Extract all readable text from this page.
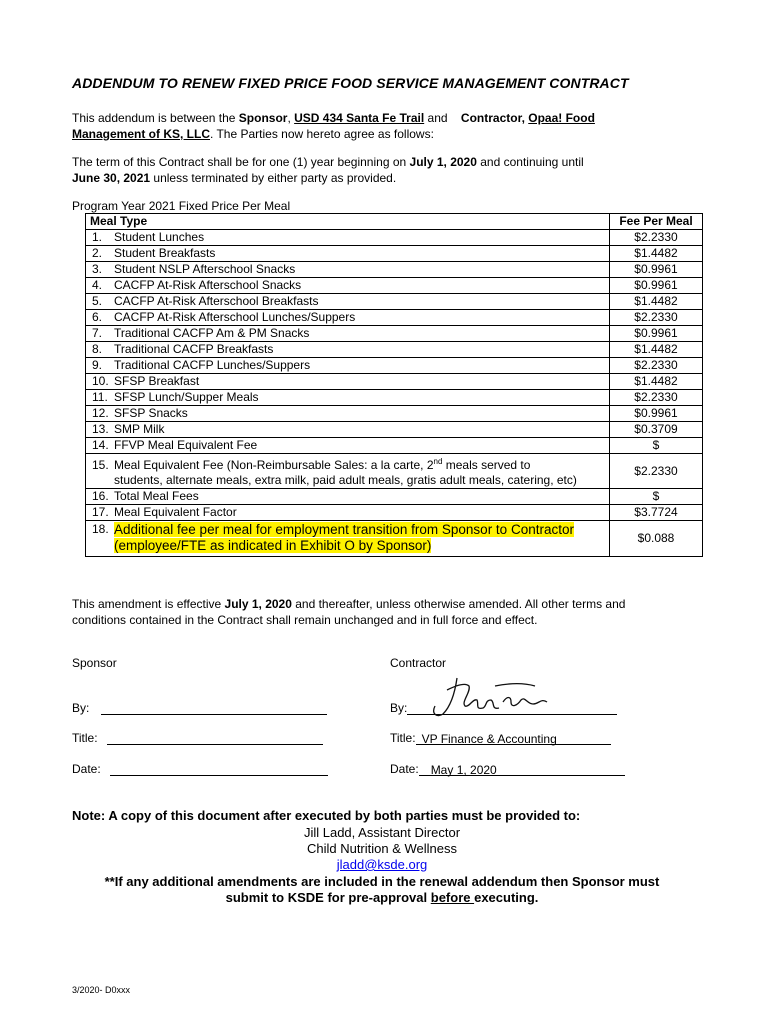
ADDENDUM TO RENEW FIXED PRICE FOOD SERVICE MANAGEMENT CONTRACT
This addendum is between the Sponsor, USD 434 Santa Fe Trail and    Contractor, Opaa! Food
Management of KS, LLC. The Parties now hereto agree as follows:
The term of this Contract shall be for one (1) year beginning on July 1, 2020 and continuing until
June 30, 2021 unless terminated by either party as provided.
Program Year 2021 Fixed Price Per Meal
Meal Type	Fee Per Meal
1. Student Lunches	$2.2330
2. Student Breakfasts	$1.4482
3. Student NSLP Afterschool Snacks	$0.9961
4. CACFP At-Risk Afterschool Snacks	$0.9961
5. CACFP At-Risk Afterschool Breakfasts	$1.4482
6. CACFP At-Risk Afterschool Lunches/Suppers	$2.2330
7. Traditional CACFP Am & PM Snacks	$0.9961
8. Traditional CACFP Breakfasts	$1.4482
9. Traditional CACFP Lunches/Suppers	$2.2330
10. SFSP Breakfast	$1.4482
11. SFSP Lunch/Supper Meals	$2.2330
12. SFSP Snacks	$0.9961
13. SMP Milk	$0.3709
14. FFVP Meal Equivalent Fee	$
15. Meal Equivalent Fee (Non-Reimbursable Sales: a la carte, 2nd meals served to
students, alternate meals, extra milk, paid adult meals, gratis adult meals, catering, etc)	$2.2330
16. Total Meal Fees	$
17. Meal Equivalent Factor	$3.7724
18. Additional fee per meal for employment transition from Sponsor to Contractor
(employee/FTE as indicated in Exhibit O by Sponsor)	$0.088
This amendment is effective July 1, 2020 and thereafter, unless otherwise amended. All other terms and
conditions contained in the Contract shall remain unchanged and in full force and effect.
Sponsor	Contractor
By:
Title:
Date:
By:
Title: VP Finance & Accounting
Date: May 1, 2020
Note: A copy of this document after executed by both parties must be provided to:
Jill Ladd, Assistant Director
Child Nutrition & Wellness
jladd@ksde.org
**If any additional amendments are included in the renewal addendum then Sponsor must
submit to KSDE for pre-approval before executing.
3/2020- D0xxx
